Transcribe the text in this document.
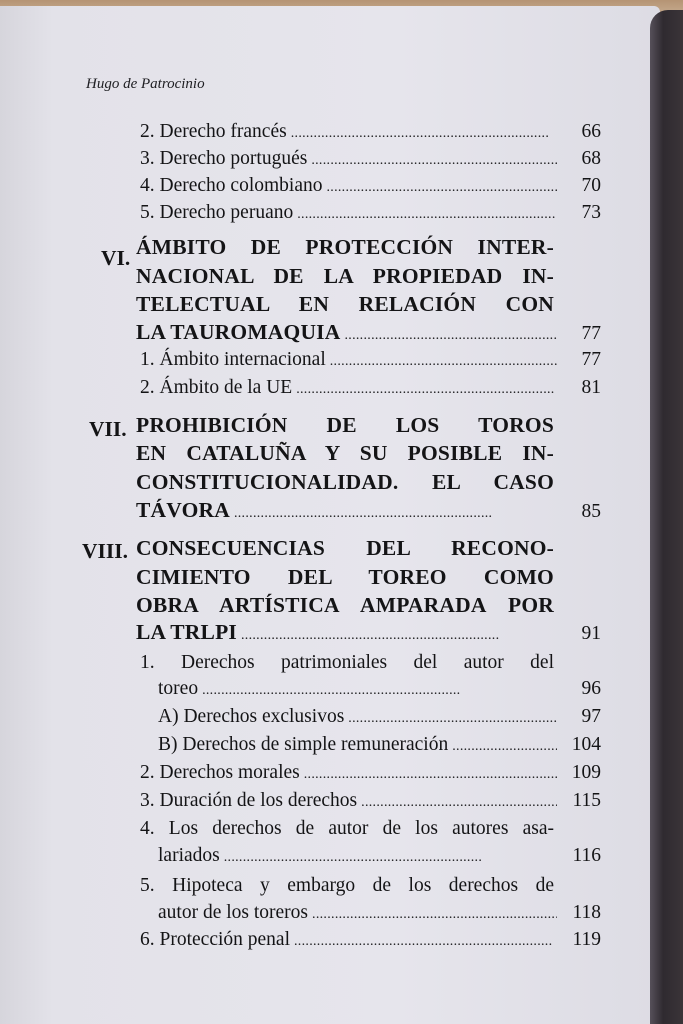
Hugo de Patrocinio
2. Derecho francés . . .	66
3. Derecho portugués . . .	68
4. Derecho colombiano . . .	70
5. Derecho peruano . . .	73
VI. ÁMBITO DE PROTECCIÓN INTER-
NACIONAL DE LA PROPIEDAD IN-
TELECTUAL EN RELACIÓN CON
LA TAUROMAQUIA . . .	77
1. Ámbito internacional . . .	77
2. Ámbito de la UE . . .	81
VII. PROHIBICIÓN DE LOS TOROS
EN CATALUÑA Y SU POSIBLE IN-
CONSTITUCIONALIDAD. EL CASO
TÁVORA . . .	85
VIII. CONSECUENCIAS DEL RECONO-
CIMIENTO DEL TOREO COMO
OBRA ARTÍSTICA AMPARADA POR
LA TRLPI . . .	91
1. Derechos patrimoniales del autor del
toreo . . .	96
A) Derechos exclusivos . . .	97
B) Derechos de simple remuneración . . .	104
2. Derechos morales . . .	109
3. Duración de los derechos . . .	115
4. Los derechos de autor de los autores asa-
lariados . . .	116
5. Hipoteca y embargo de los derechos de
autor de los toreros . . .	118
6. Protección penal . . .	119
